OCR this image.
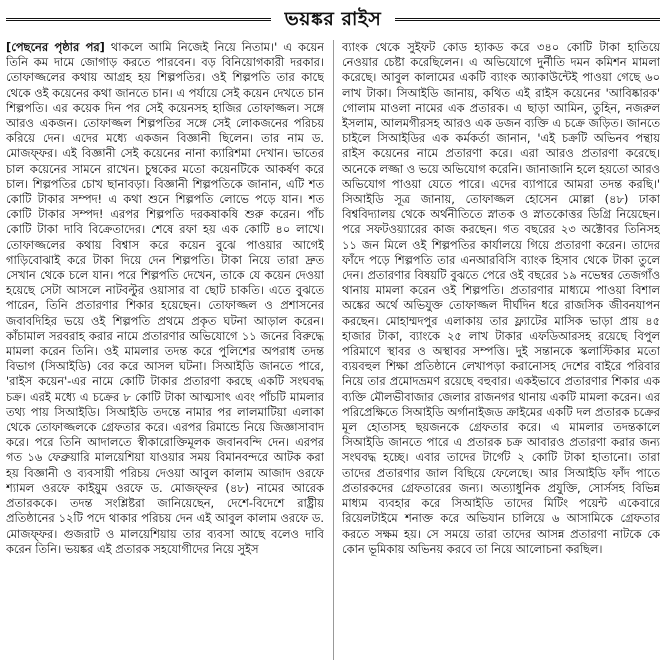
ভয়ঙ্কর রাইস

[পেছনের পৃষ্ঠার পর] থাকলে আমি নিজেই নিয়ে নিতাম।' এ কয়েন তিনি কম দামে জোগাড় করতে পারবেন। বড় বিনিয়োগকারী দরকার। তোফাজ্জলের কথায় আগ্রহ হয় শিল্পপতির। ওই শিল্পপতি তার কাছে থেকে ওই কয়েনের কথা জানতে চান। এ পর্যায়ে সেই কয়েন দেখতে চান শিল্পপতি। এর কয়েক দিন পর সেই কয়েনসহ হাজির তোফাজ্জল। সঙ্গে আরও একজন। তোফাজ্জল শিল্পপতির সঙ্গে সেই লোকজনের পরিচয় করিয়ে দেন। এদের মধ্যে একজন বিজ্ঞানী ছিলেন। তার নাম ড. মোজফ্ফর। এই বিজ্ঞানী সেই কয়েনের নানা ক্যারিশমা দেখান। ভাতের চাল কয়েনের সামনে রাখেন। চুম্বকের মতো কয়েনটিকে আকর্ষণ করে চাল। শিল্পপতির চোখ ছানাবড়া। বিজ্ঞানী শিল্পপতিকে জানান, এটি শত কোটি টাকার সম্পদ! এ কথা শুনে শিল্পপতি লোভে পড়ে যান। শত কোটি টাকার সম্পদ! এরপর শিল্পপতি দরকষাকষি শুরু করেন। পাঁচ কোটি টাকা দাবি বিক্রেতাদের। শেষে রফা হয় এক কোটি ৪০ লাখে। তোফাজ্জলের কথায় বিশ্বাস করে কয়েন বুঝে পাওয়ার আগেই গাড়িবোঝাই করে টাকা দিয়ে দেন শিল্পপতি। টাকা নিয়ে তারা দ্রুত সেখান থেকে চলে যান। পরে শিল্পপতি দেখেন, তাকে যে কয়েন দেওয়া হয়েছে সেটা আসলে নাটবল্টুর ওয়াসার বা ছোট চাকতি। এতে বুঝতে পারেন, তিনি প্রতারণার শিকার হয়েছেন। তোফাজ্জল ও প্রশাসনের জবাবদিহির ভয়ে ওই শিল্পপতি প্রথমে প্রকৃত ঘটনা আড়াল করেন। কাঁচামাল সরবরাহ করার নামে প্রতারণার অভিযোগে ১১ জনের বিরুদ্ধে মামলা করেন তিনি। ওই মামলার তদন্ত করে পুলিশের অপরাধ তদন্ত বিভাগ (সিআইডি) বের করে আসল ঘটনা। সিআইডি জানতে পারে, 'রাইস কয়েন'-এর নামে কোটি টাকার প্রতারণা করছে একটি সংঘবদ্ধ চক্র। এরই মধ্যে এ চক্রের ৮ কোটি টাকা আত্মসাৎ এবং পাঁচটি মামলার তথ্য পায় সিআইডি। সিআইডি তদন্তে নামার পর লালমাটিয়া এলাকা থেকে তোফাজ্জলকে গ্রেফতার করে। এরপর রিমান্ডে নিয়ে জিজ্ঞাসাবাদ করে। পরে তিনি আদালতে স্বীকারোক্তিমূলক জবানবন্দি দেন। এরপর গত ১৬ ফেব্রুয়ারি মালয়েশিয়া যাওয়ার সময় বিমানবন্দরে আটক করা হয় বিজ্ঞানী ও ব্যবসায়ী পরিচয় দেওয়া আবুল কালাম আজাদ ওরফে শ্যামল ওরফে কাইয়ুম ওরফে ড. মোজফ্ফর (৪৮) নামের আরেক প্রতারককে। তদন্ত সংশ্লিষ্টরা জানিয়েছেন, দেশে-বিদেশে রাষ্ট্রীয় প্রতিষ্ঠানের ১২টি পদে থাকার পরিচয় দেন এই আবুল কালাম ওরফে ড. মোজফ্ফর। গুজরাট ও মালয়েশিয়ায় তার ব্যবসা আছে বলেও দাবি করেন তিনি। ভয়ঙ্কর এই প্রতারক সহযোগীদের নিয়ে সুইস

ব্যাংক থেকে সুইফট কোড হ্যাকড করে ৩৪০ কোটি টাকা হাতিয়ে নেওয়ার চেষ্টা করেছিলেন। এ অভিযোগে দুর্নীতি দমন কমিশন মামলা করেছে। আবুল কালামের একটি ব্যাংক অ্যাকাউন্টেই পাওয়া গেছে ৬০ লাখ টাকা। সিআইডি জানায়, কথিত এই রাইস কয়েনের 'আবিষ্কারক' গোলাম মাওলা নামের এক প্রতারক। এ ছাড়া আমিন, তুহিন, নজরুল ইসলাম, আলমগীরসহ আরও এক ডজন ব্যক্তি এ চক্রে জড়িত। জানতে চাইলে সিআইডির এক কর্মকর্তা জানান, 'এই চক্রটি অভিনব পন্থায় রাইস কয়েনের নামে প্রতারণা করে। এরা আরও প্রতারণা করেছে। অনেকে লজ্জা ও ভয়ে অভিযোগ করেনি। জানাজানি হলে হয়তো আরও অভিযোগ পাওয়া যেতে পারে। এদের ব্যাপারে আমরা তদন্ত করছি।' সিআইডি সূত্র জানায়, তোফাজ্জল হোসেন মোল্লা (৪৮) ঢাকা বিশ্ববিদ্যালয় থেকে অর্থনীতিতে স্নাতক ও স্নাতকোত্তর ডিগ্রি নিয়েছেন। পরে সফটওয়্যারের কাজ করছেন। গত বছরের ২৩ অক্টোবর তিনিসহ ১১ জন মিলে ওই শিল্পপতির কার্যালয়ে গিয়ে প্রতারণা করেন। তাদের ফাঁদে পড়ে শিল্পপতি তার এনআরবিসি ব্যাংক হিসাব থেকে টাকা তুলে দেন। প্রতারণার বিষয়টি বুঝতে পেরে ওই বছরের ১৯ নভেম্বর তেজগাঁও থানায় মামলা করেন ওই শিল্পপতি। প্রতারণার মাধ্যমে পাওয়া বিশাল অঙ্কের অর্থে অভিযুক্ত তোফাজ্জল দীর্ঘদিন ধরে রাজসিক জীবনযাপন করছেন। মোহাম্মদপুর এলাকায় তার ফ্ল্যাটের মাসিক ভাড়া প্রায় ৪৫ হাজার টাকা, ব্যাংকে ২৫ লাখ টাকার এফডিআরসহ রয়েছে বিপুল পরিমাণে স্থাবর ও অস্থাবর সম্পত্তি। দুই সন্তানকে স্কলাস্টিকার মতো ব্যয়বহুল শিক্ষা প্রতিষ্ঠানে লেখাপড়া করানোসহ দেশের বাইরে পরিবার নিয়ে তার প্রমোদভ্রমণ রয়েছে বহুবার। একইভাবে প্রতারণার শিকার এক ব্যক্তি মৌলভীবাজার জেলার রাজনগর থানায় একটি মামলা করেন। এর পরিপ্রেক্ষিতে সিআইডি অর্গানাইজড ক্রাইমের একটি দল প্রতারক চক্রের মূল হোতাসহ ছয়জনকে গ্রেফতার করে। এ মামলার তদন্তকালে সিআইডি জানতে পারে এ প্রতারক চক্র আবারও প্রতারণা করার জন্য সংঘবদ্ধ হচ্ছে। এবার তাদের টার্গেট ২ কোটি টাকা হাতানো। তারা তাদের প্রতারণার জাল বিছিয়ে ফেলেছে। আর সিআইডি ফাঁদ পাতে প্রতারকদের গ্রেফতারের জন্য। অত্যাধুনিক প্রযুক্তি, সোর্সসহ বিভিন্ন মাধ্যম ব্যবহার করে সিআইডি তাদের মিটিং পয়েন্ট একেবারে রিয়েলটাইমে শনাক্ত করে অভিযান চালিয়ে ৬ আসামিকে গ্রেফতার করতে সক্ষম হয়। সে সময়ে তারা তাদের আসন্ন প্রতারণা নাটকে কে কোন ভূমিকায় অভিনয় করবে তা নিয়ে আলোচনা করছিল।
